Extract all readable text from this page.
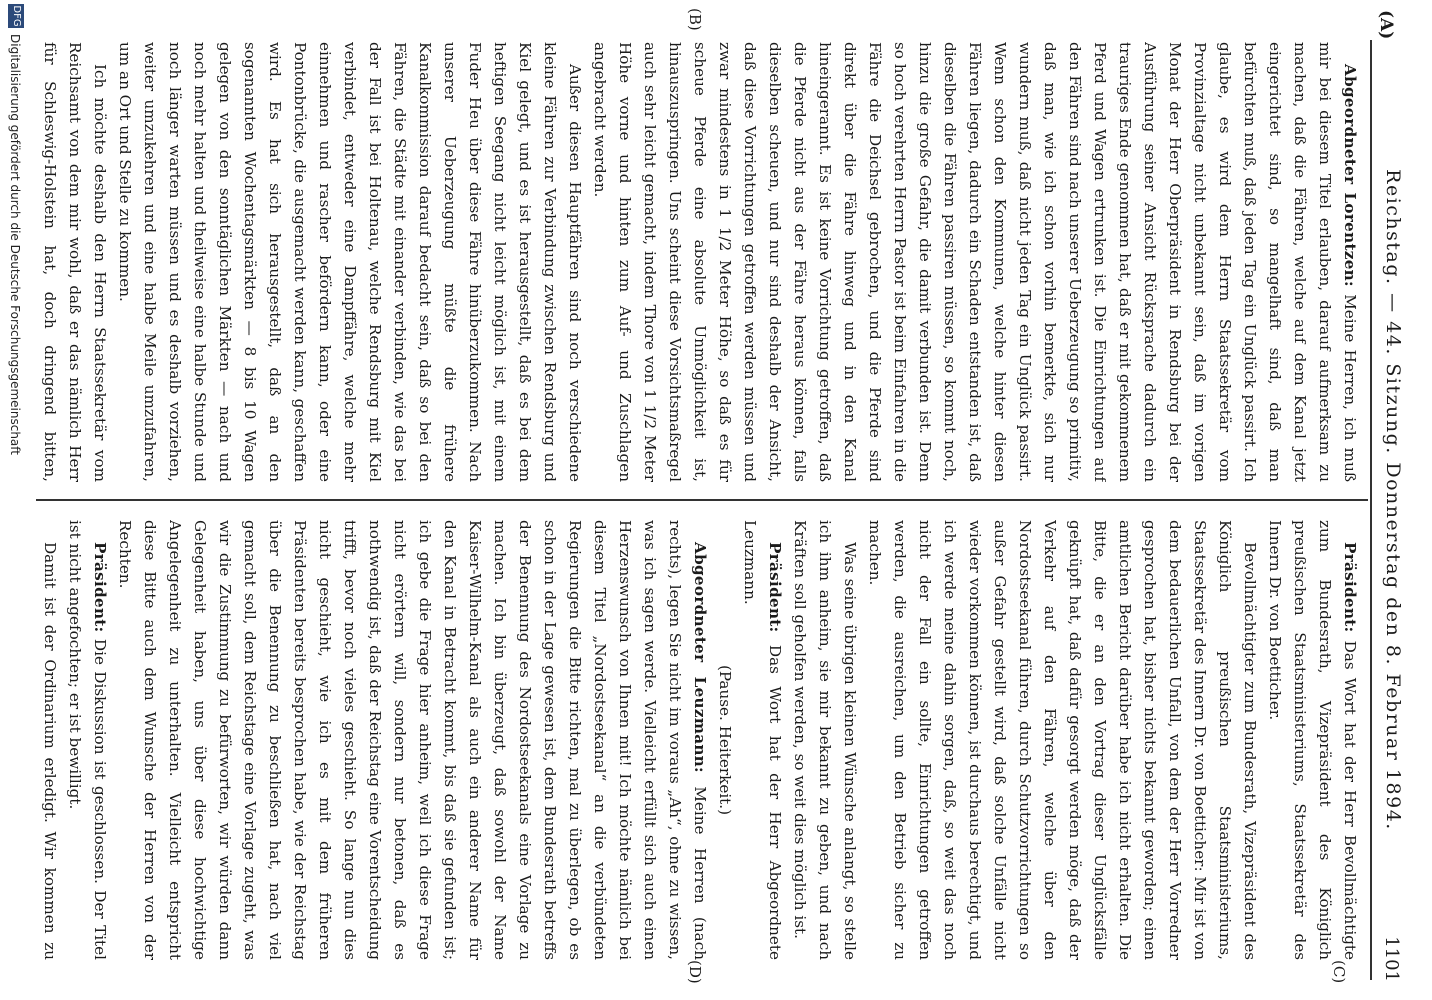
(A)
Reichstag. — 44. Sitzung. Donnerstag den 8. Februar 1894.
1101
(B)
(C)
(D)

Abgeordneter Lorentzen: Meine Herren, ich muß mir bei diesem Titel erlauben, darauf aufmerksam zu machen, daß die Fähren, welche auf dem Kanal jetzt eingerichtet sind, so mangelhaft sind, daß man befürchten muß, daß jeden Tag ein Unglück passirt. Ich glaube, es wird dem Herrn Staatssekretär vom Provinzialtage nicht unbekannt sein, daß im vorigen Monat der Herr Oberpräsident in Rendsburg bei der Ausführung seiner Ansicht Rücksprache dadurch ein trauriges Ende genommen hat, daß er mit gekommenem Pferd und Wagen ertrunken ist. Die Einrichtungen auf den Fähren sind nach unserer Ueberzeugung so primitiv, daß man, wie ich schon vorhin bemerkte, sich nur wundern muß, daß nicht jeden Tag ein Unglück passirt. Wenn schon den Kommunen, welche hinter diesen Fähren liegen, dadurch ein Schaden entstanden ist, daß dieselben die Fähren passiren müssen, so kommt noch, hinzu die große Gefahr, die damit verbunden ist. Denn so hoch verehrten Herrn Pastor ist beim Einfahren in die Fähre die Deichsel gebrochen, und die Pferde sind direkt über die Fähre hinweg und in den Kanal hineingerannt. Es ist keine Vorrichtung getroffen, daß die Pferde nicht aus der Fähre heraus können, falls dieselben scheuen, und nur sind deshalb der Ansicht, daß diese Vorrichtungen getroffen werden müssen und zwar mindestens in 1 1/2 Meter Höhe, so daß es für scheue Pferde eine absolute Unmöglichkeit ist, hinauszuspringen. Uns scheint diese Vorsichtsmaßregel auch sehr leicht gemacht, indem Thore von 1 1/2 Meter Höhe vorne und hinten zum Auf- und Zuschlagen angebracht werden.

Außer diesen Hauptfähren sind noch verschiedene kleine Fähren zur Verbindung zwischen Rendsburg und Kiel gelegt, und es ist herausgestellt, daß es bei dem heftigen Seegang nicht leicht möglich ist, mit einem Fuder Heu über diese Fähre hinüberzukommen. Nach unserer Ueberzeugung müßte die frühere Kanalkommission darauf bedacht sein, daß so bei den Fähren, die Städte mit einander verbinden, wie das bei der Fall ist bei Holtenau, welche Rendsburg mit Kiel verbindet, entweder eine Dampffähre, welche mehr einnehmen und rascher befördern kann, oder eine Pontonbrücke, die ausgemacht werden kann, geschaffen wird. Es hat sich herausgestellt, daß an den sogenannten Wochentagsmärkten — 8 bis 10 Wagen gelegen von den sonntäglichen Märkten — nach und noch mehr halten und theilweise eine halbe Stunde und noch länger warten müssen und es deshalb vorziehen, weiter umzukehren und eine halbe Meile umzufahren, um an Ort und Stelle zu kommen.

Ich möchte deshalb den Herrn Staatssekretär vom Reichsamt von dem mir wohl, daß er das nämlich Herr für Schleswig-Holstein hat, doch dringend bitten,

Präsident: Das Wort hat der Herr Bevollmächtigte zum Bundesrath, Vizepräsident des Königlich preußischen Staatsministeriums, Staatssekretär des Innern Dr. von Boetticher.

Bevollmächtigter zum Bundesrath, Vizepräsident des Königlich preußischen Staatsministeriums, Staatssekretär des Innern Dr. von Boetticher: Mir ist von dem bedauerlichen Unfall, von dem der Herr Vorredner gesprochen hat, bisher nichts bekannt geworden; einen amtlichen Bericht darüber habe ich nicht erhalten. Die Bitte, die er an den Vortrag dieser Unglücksfälle geknüpft hat, daß dafür gesorgt werden möge, daß der Verkehr auf den Fähren, welche über den Nordostseekanal führen, durch Schutzvorrichtungen so außer Gefahr gestellt wird, daß solche Unfälle nicht wieder vorkommen können, ist durchaus berechtigt, und ich werde meine dahin sorgen, daß, so weit das noch nicht der Fall ein sollte, Einrichtungen getroffen werden, die ausreichen, um den Betrieb sicher zu machen.

Was seine übrigen kleinen Wünsche anlangt, so stelle ich ihm anheim, sie mir bekannt zu geben, und nach Kräften soll geholfen werden, so weit dies möglich ist.

Präsident: Das Wort hat der Herr Abgeordnete Leuzmann.

(Pause. Heiterkeit.)

Abgeordneter Leuzmann: Meine Herren (nach rechts), legen Sie nicht im voraus „Ah“, ohne zu wissen, was ich sagen werde. Vielleicht erfüllt sich auch einen Herzenswunsch von Ihnen mit! Ich möchte nämlich bei diesem Titel „Nordostseekanal“ an die verbündeten Regierungen die Bitte richten, mal zu überlegen, ob es schon in der Lage gewesen ist, dem Bundesrath betreffs der Benennung des Nordostseekanals eine Vorlage zu machen. Ich bin überzeugt, daß sowohl der Name Kaiser-Wilhelm-Kanal als auch ein anderer Name für den Kanal in Betracht kommt, bis daß sie gefunden ist; ich gebe die Frage hier anheim, weil ich diese Frage nicht erörtern will, sondern nur betonen, daß es nothwendig ist, daß der Reichstag eine Vorentscheidung trifft, bevor noch vieles geschieht. So lange nun dies nicht geschieht, wie ich es mit dem früheren Präsidenten bereits besprochen habe, wie der Reichstag über die Benennung zu beschließen hat, nach viel gemacht soll, dem Reichstage eine Vorlage zugeht, was wir die Zustimmung zu befürworten, wir würden dann Gelegenheit haben, uns über diese hochwichtige Angelegenheit zu unterhalten. Vielleicht entspricht diese Bitte auch dem Wunsche der Herren von der Rechten.

Präsident: Die Diskussion ist geschlossen. Der Titel ist nicht angefochten; er ist bewilligt.

Damit ist der Ordinarium erledigt. Wir kommen zu

DFG
Digitalisierung gefördert durch die Deutsche Forschungsgemeinschaft
